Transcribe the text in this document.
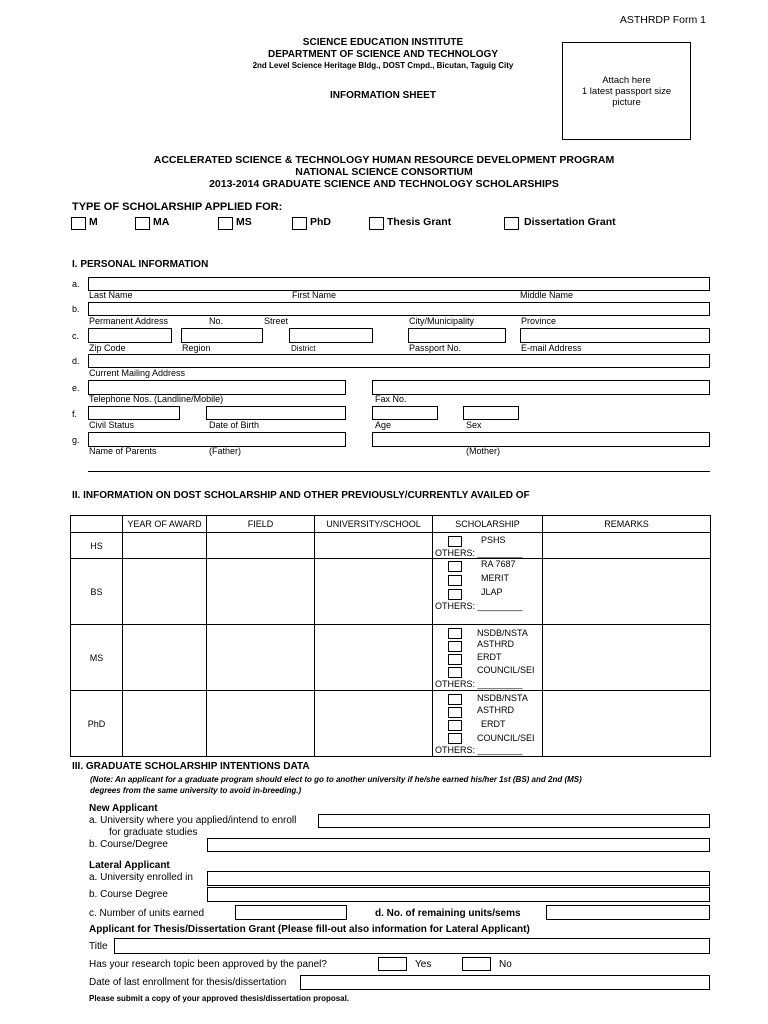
ASTHRDP Form 1
SCIENCE EDUCATION INSTITUTE
DEPARTMENT OF SCIENCE AND TECHNOLOGY
2nd Level Science Heritage Bldg., DOST Cmpd., Bicutan, Taguig City
INFORMATION SHEET
Attach here
1 latest passport size
picture
ACCELERATED SCIENCE & TECHNOLOGY HUMAN RESOURCE DEVELOPMENT PROGRAM
NATIONAL SCIENCE CONSORTIUM
2013-2014 GRADUATE SCIENCE AND TECHNOLOGY SCHOLARSHIPS
TYPE OF SCHOLARSHIP APPLIED FOR:
M	MA	MS	PhD	Thesis Grant	Dissertation Grant
I. PERSONAL INFORMATION
a.
Last Name	First Name	Middle Name
b.
Permanent Address	No.	Street	City/Municipality	Province
c.
Zip Code	Region	District	Passport No.	E-mail Address
d.
Current Mailing Address
e.
Telephone Nos. (Landline/Mobile)	Fax No.
f.
Civil Status	Date of Birth	Age	Sex
g.
Name of Parents	(Father)	(Mother)
II. INFORMATION ON DOST SCHOLARSHIP AND OTHER PREVIOUSLY/CURRENTLY AVAILED OF
	YEAR OF AWARD	FIELD	UNIVERSITY/SCHOOL	SCHOLARSHIP	REMARKS
HS				PSHS
OTHERS: _________	

BS				RA 7687
MERIT
JLAP
OTHERS: _________	

MS				NSDB/NSTA
ASTHRD
ERDT
COUNCIL/SEI
OTHERS: _________	

PhD				NSDB/NSTA
ASTHRD
ERDT
COUNCIL/SEI
OTHERS: _________	

III. GRADUATE SCHOLARSHIP INTENTIONS DATA
(Note: An applicant for a graduate program should elect to go to another university if he/she earned his/her 1st (BS) and 2nd (MS)
degrees from the same university to avoid in-breeding.)
New Applicant
a. University where you applied/intend to enroll
for graduate studies
b. Course/Degree
Lateral Applicant
a. University enrolled in
b. Course Degree
c. Number of units earned	d. No. of remaining units/sems
Applicant for Thesis/Dissertation Grant (Please fill-out also information for Lateral Applicant)
Title
Has your research topic been approved by the panel?	Yes	No
Date of last enrollment for thesis/dissertation
Please submit a copy of your approved thesis/dissertation proposal.
